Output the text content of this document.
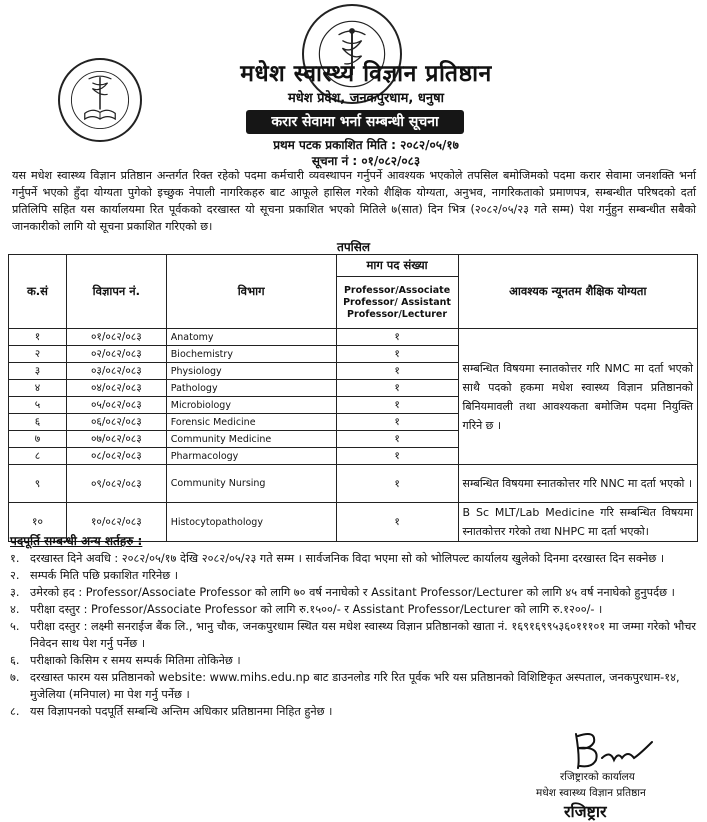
मधेश स्वास्थ्य विज्ञान प्रतिष्ठान
मधेश प्रदेश, जनकपुरधाम, धनुषा
करार सेवामा भर्ना सम्बन्धी सूचना
प्रथम पटक प्रकाशित मिति : २०८२/०५/१७
सूचना नं : ०१/०८२/०८३

यस मधेश स्वास्थ्य विज्ञान प्रतिष्ठान अन्तर्गत रिक्त रहेको पदमा कर्मचारी व्यवस्थापन गर्नुपर्ने आवश्यक भएकोले तपसिल बमोजिमको पदमा करार सेवामा जनशक्ति भर्ना गर्नुपर्ने भएको हुँदा योग्यता पुगेको इच्छुक नेपाली नागरिकहरु बाट आफूले हासिल गरेको शैक्षिक योग्यता, अनुभव, नागरिकताको प्रमाणपत्र, सम्बन्धीत परिषदको दर्ता प्रतिलिपि सहित यस कार्यालयमा रित पूर्वकको दरखास्त यो सूचना प्रकाशित भएको मितिले ७(सात) दिन भित्र (२०८२/०५/२३ गते सम्म) पेश गर्नुहुन सम्बन्धीत सबैको जानकारीको लागि यो सूचना प्रकाशित गरिएको छ।

तपसिल
क.सं	विज्ञापन नं.	विभाग	माग पद संख्या	आवश्यक न्यूनतम शैक्षिक योग्यता
			Professor/Associate Professor/ Assistant Professor/Lecturer	
१	०१/०८२/०८३	Anatomy	१	सम्बन्धित विषयमा स्नातकोत्तर गरि NMC मा दर्ता भएको साथै पदको हकमा मधेश स्वास्थ्य विज्ञान प्रतिष्ठानको बिनियमावली तथा आवश्यकता बमोजिम पदमा नियुक्ति गरिने छ ।
२	०२/०८२/०८३	Biochemistry	१	
३	०३/०८२/०८३	Physiology	१	
४	०४/०८२/०८३	Pathology	१	
५	०५/०८२/०८३	Microbiology	१	
६	०६/०८२/०८३	Forensic Medicine	१	
७	०७/०८२/०८३	Community Medicine	१	
८	०८/०८२/०८३	Pharmacology	१	
९	०९/०८२/०८३	Community Nursing	१	सम्बन्धित विषयमा स्नातकोत्तर गरि NNC मा दर्ता भएको ।
१०	१०/०८२/०८३	Histocytopathology	१	B Sc MLT/Lab Medicine गरि सम्बन्धित विषयमा स्नातकोत्तर गरेको तथा NHPC मा दर्ता भएको।
पदपूर्ति सम्बन्धी अन्य शर्तहरु :
१. दरखास्त दिने अवधि : २०८२/०५/१७ देखि २०८२/०५/२३ गते सम्म । सार्वजनिक विदा भएमा सो को भोलिपल्ट कार्यालय खुलेको दिनमा दरखास्त दिन सक्नेछ ।
२. सम्पर्क मिति पछि प्रकाशित गरिनेछ ।
३. उमेरको हद : Professor/Associate Professor को लागि ७० वर्ष ननाघेको र Assitant Professor/Lecturer को लागि ४५ वर्ष ननाघेको हुनुपर्दछ ।
४. परीक्षा दस्तुर : Professor/Associate Professor को लागि रु.१५००/- र Assistant Professor/Lecturer को लागि रु.१२००/- ।
५. परीक्षा दस्तुर : लक्ष्मी सनराईज बैंक लि., भानु चौक, जनकपुरधाम स्थित यस मधेश स्वास्थ्य विज्ञान प्रतिष्ठानको खाता नं. १६९१६९९५३६०१११०१ मा जम्मा गरेको भौचर निवेदन साथ पेश गर्नु पर्नेछ ।
६. परीक्षाको किसिम र समय सम्पर्क मितिमा तोकिनेछ ।
७. दरखास्त फारम यस प्रतिष्ठानको website: www.mihs.edu.np बाट डाउनलोड गरि रित पूर्वक भरि यस प्रतिष्ठानको विशिष्टिकृत अस्पताल, जनकपुरधाम-१४, मुजेलिया (मनिपाल) मा पेश गर्नु पर्नेछ ।
८. यस विज्ञापनको पदपूर्ति सम्बन्धि अन्तिम अधिकार प्रतिष्ठानमा निहित हुनेछ ।
रजिष्ट्रारको कार्यालय
मधेश स्वास्थ्य विज्ञान प्रतिष्ठान
रजिष्ट्रार
